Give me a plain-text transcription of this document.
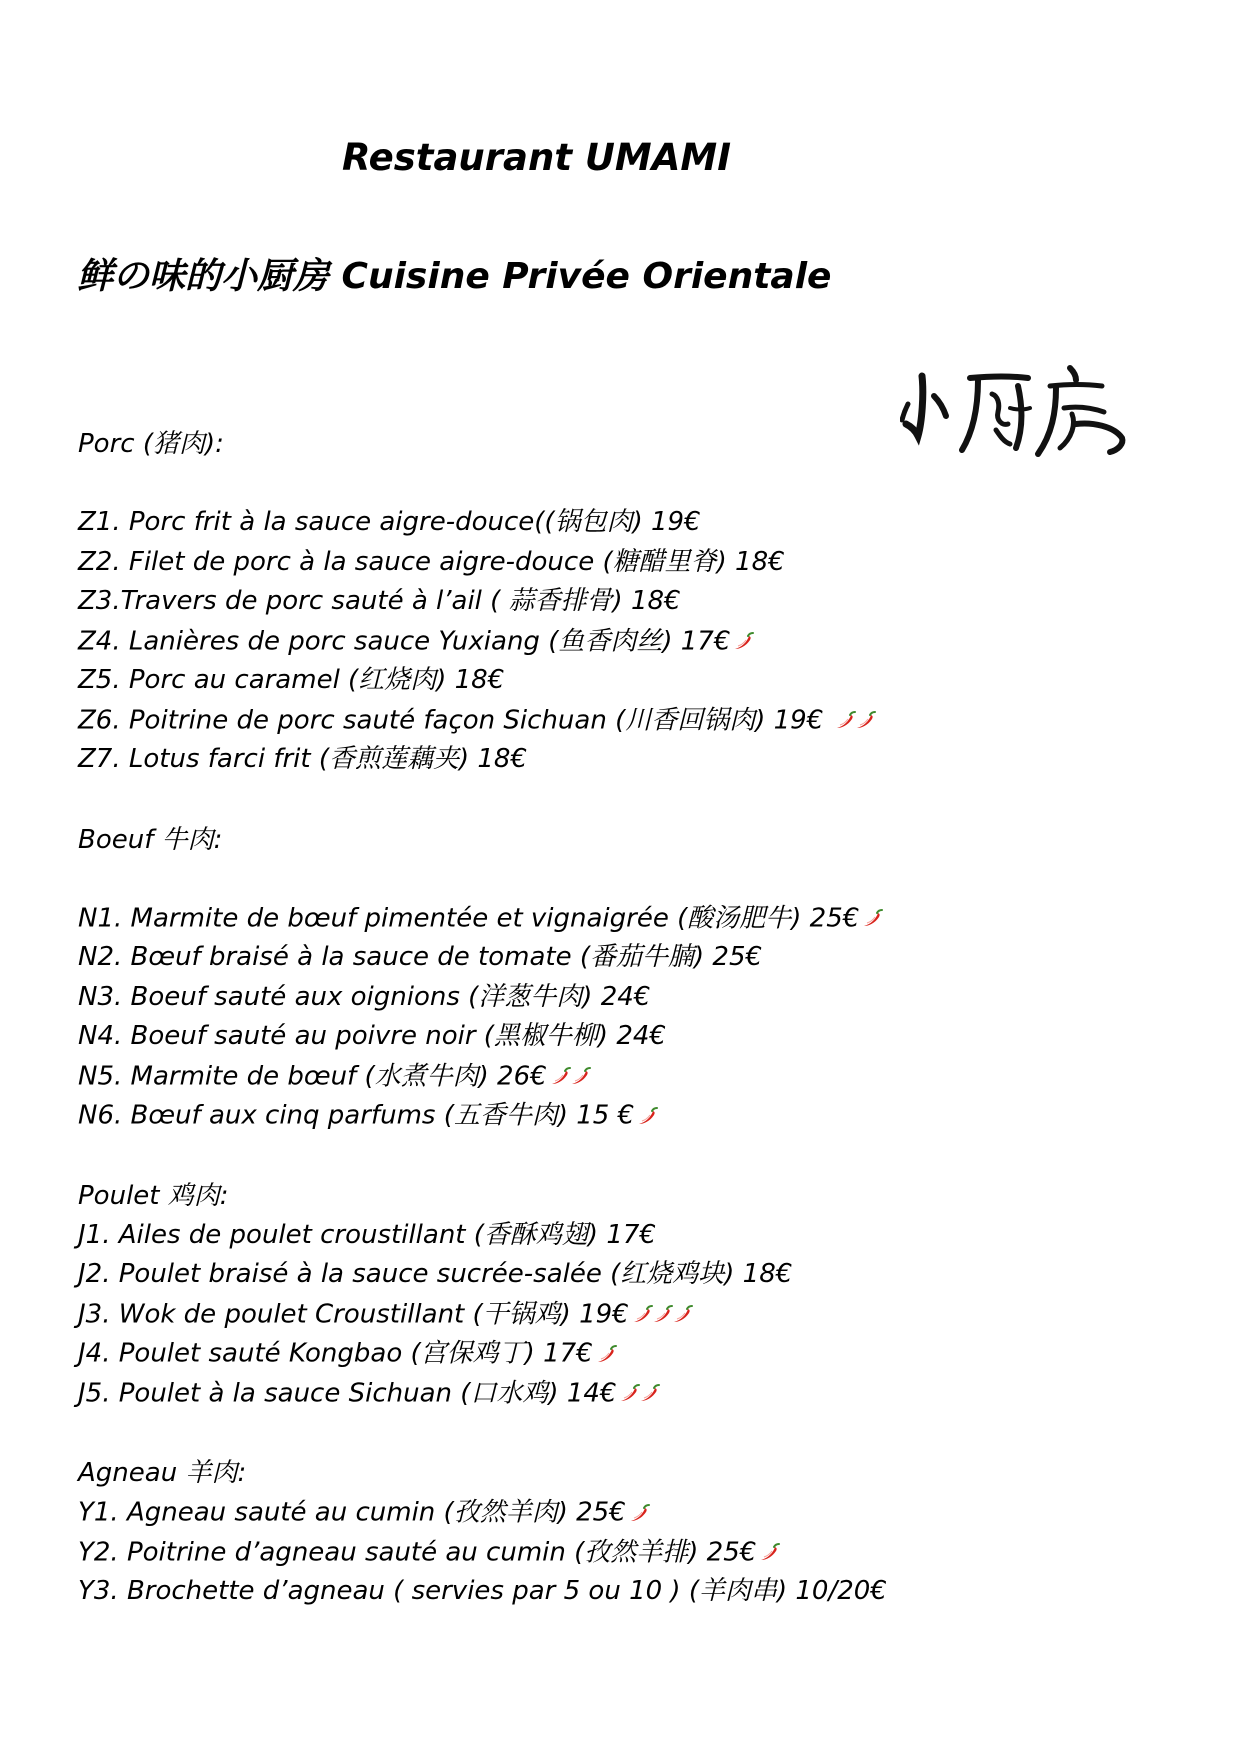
Restaurant UMAMI
鲜の味的小厨房 Cuisine Privée Orientale
Porc (猪肉):
Z1. Porc frit à la sauce aigre-douce((锅包肉) 19€
Z2. Filet de porc à la sauce aigre-douce (糖醋里脊) 18€
Z3.Travers de porc sauté à l’ail ( 蒜香排骨) 18€
Z4. Lanières de porc sauce Yuxiang (鱼香肉丝) 17€
Z5. Porc au caramel (红烧肉) 18€
Z6. Poitrine de porc sauté façon Sichuan (川香回锅肉) 19€
Z7. Lotus farci frit (香煎莲藕夹) 18€
Boeuf 牛肉:
N1. Marmite de bœuf pimentée et vignaigrée (酸汤肥牛) 25€
N2. Bœuf braisé à la sauce de tomate (番茄牛腩) 25€
N3. Boeuf sauté aux oignions (洋葱牛肉) 24€
N4. Boeuf sauté au poivre noir (黑椒牛柳) 24€
N5. Marmite de bœuf (水煮牛肉) 26€
N6. Bœuf aux cinq parfums (五香牛肉) 15 €
Poulet 鸡肉:
J1. Ailes de poulet croustillant (香酥鸡翅) 17€
J2. Poulet braisé à la sauce sucrée-salée (红烧鸡块) 18€
J3. Wok de poulet Croustillant (干锅鸡) 19€
J4. Poulet sauté Kongbao (宫保鸡丁) 17€
J5. Poulet à la sauce Sichuan (口水鸡) 14€
Agneau 羊肉:
Y1. Agneau sauté au cumin (孜然羊肉) 25€
Y2. Poitrine d’agneau sauté au cumin (孜然羊排) 25€
Y3. Brochette d’agneau ( servies par 5 ou 10 ) (羊肉串) 10/20€
